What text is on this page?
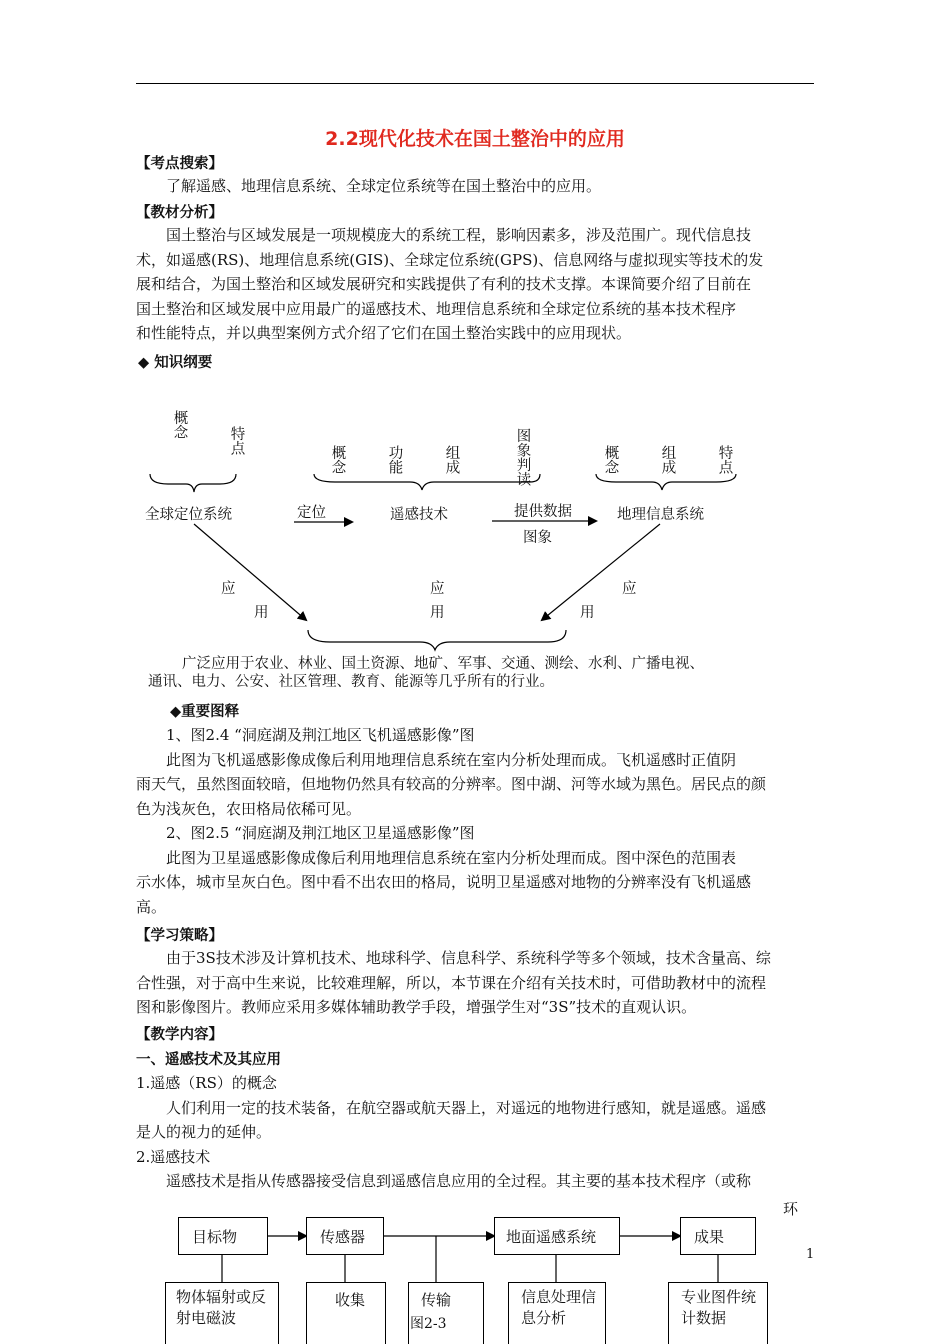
2.2现代化技术在国土整治中的应用
【考点搜索】
了解遥感、地理信息系统、全球定位系统等在国土整治中的应用。
【教材分析】
国土整治与区域发展是一项规模庞大的系统工程，影响因素多，涉及范围广。现代信息技
术，如遥感(RS)、地理信息系统(GIS)、全球定位系统(GPS)、信息网络与虚拟现实等技术的发
展和结合，为国土整治和区域发展研究和实践提供了有利的技术支撑。本课简要介绍了目前在
国土整治和区域发展中应用最广的遥感技术、地理信息系统和全球定位系统的基本技术程序
和性能特点，并以典型案例方式介绍了它们在国土整治实践中的应用现状。
◆ 知识纲要
概念
特点
概念	功能	组成	图象判读	概念	组成	特点
全球定位系统	遥感技术	地理信息系统
定位	提供数据
图象
应
用
应
用
应
用
广泛应用于农业、林业、国土资源、地矿、军事、交通、测绘、水利、广播电视、
通讯、电力、公安、社区管理、教育、能源等几乎所有的行业。
◆重要图释
1、图2.4 “洞庭湖及荆江地区飞机遥感影像”图
此图为飞机遥感影像成像后利用地理信息系统在室内分析处理而成。飞机遥感时正值阴
雨天气，虽然图面较暗，但地物仍然具有较高的分辨率。图中湖、河等水域为黑色。居民点的颜
色为浅灰色，农田格局依稀可见。
2、图2.5 “洞庭湖及荆江地区卫星遥感影像”图
此图为卫星遥感影像成像后利用地理信息系统在室内分析处理而成。图中深色的范围表
示水体，城市呈灰白色。图中看不出农田的格局，说明卫星遥感对地物的分辨率没有飞机遥感
高。
【学习策略】
由于3S技术涉及计算机技术、地球科学、信息科学、系统科学等多个领域，技术含量高、综
合性强，对于高中生来说，比较难理解，所以，本节课在介绍有关技术时，可借助教材中的流程
图和影像图片。教师应采用多媒体辅助教学手段，增强学生对“3S”技术的直观认识。
【教学内容】
一、遥感技术及其应用
1.遥感（RS）的概念
人们利用一定的技术装备，在航空器或航天器上，对遥远的地物进行感知，就是遥感。遥感
是人的视力的延伸。
2.遥感技术
遥感技术是指从传感器接受信息到遥感信息应用的全过程。其主要的基本技术程序（或称
环
目标物	传感器	地面遥感系统	成果
物体辐射或反射电磁波
收集	传输	信息处理信息分析
专业图件统计数据
图2-3
1
